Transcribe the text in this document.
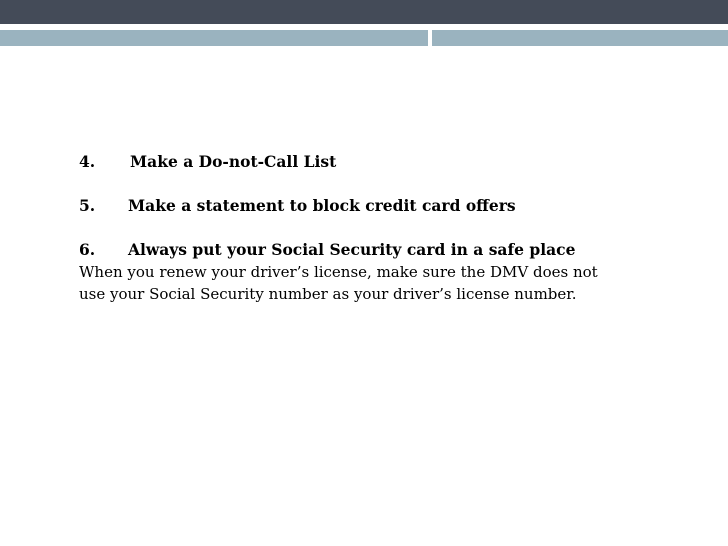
4.	Make a Do-not-Call List
5.	Make a statement to block credit card offers
6.	Always put your Social Security card in a safe place
When you renew your driver’s license, make sure the DMV does not
use your Social Security number as your driver’s license number.
